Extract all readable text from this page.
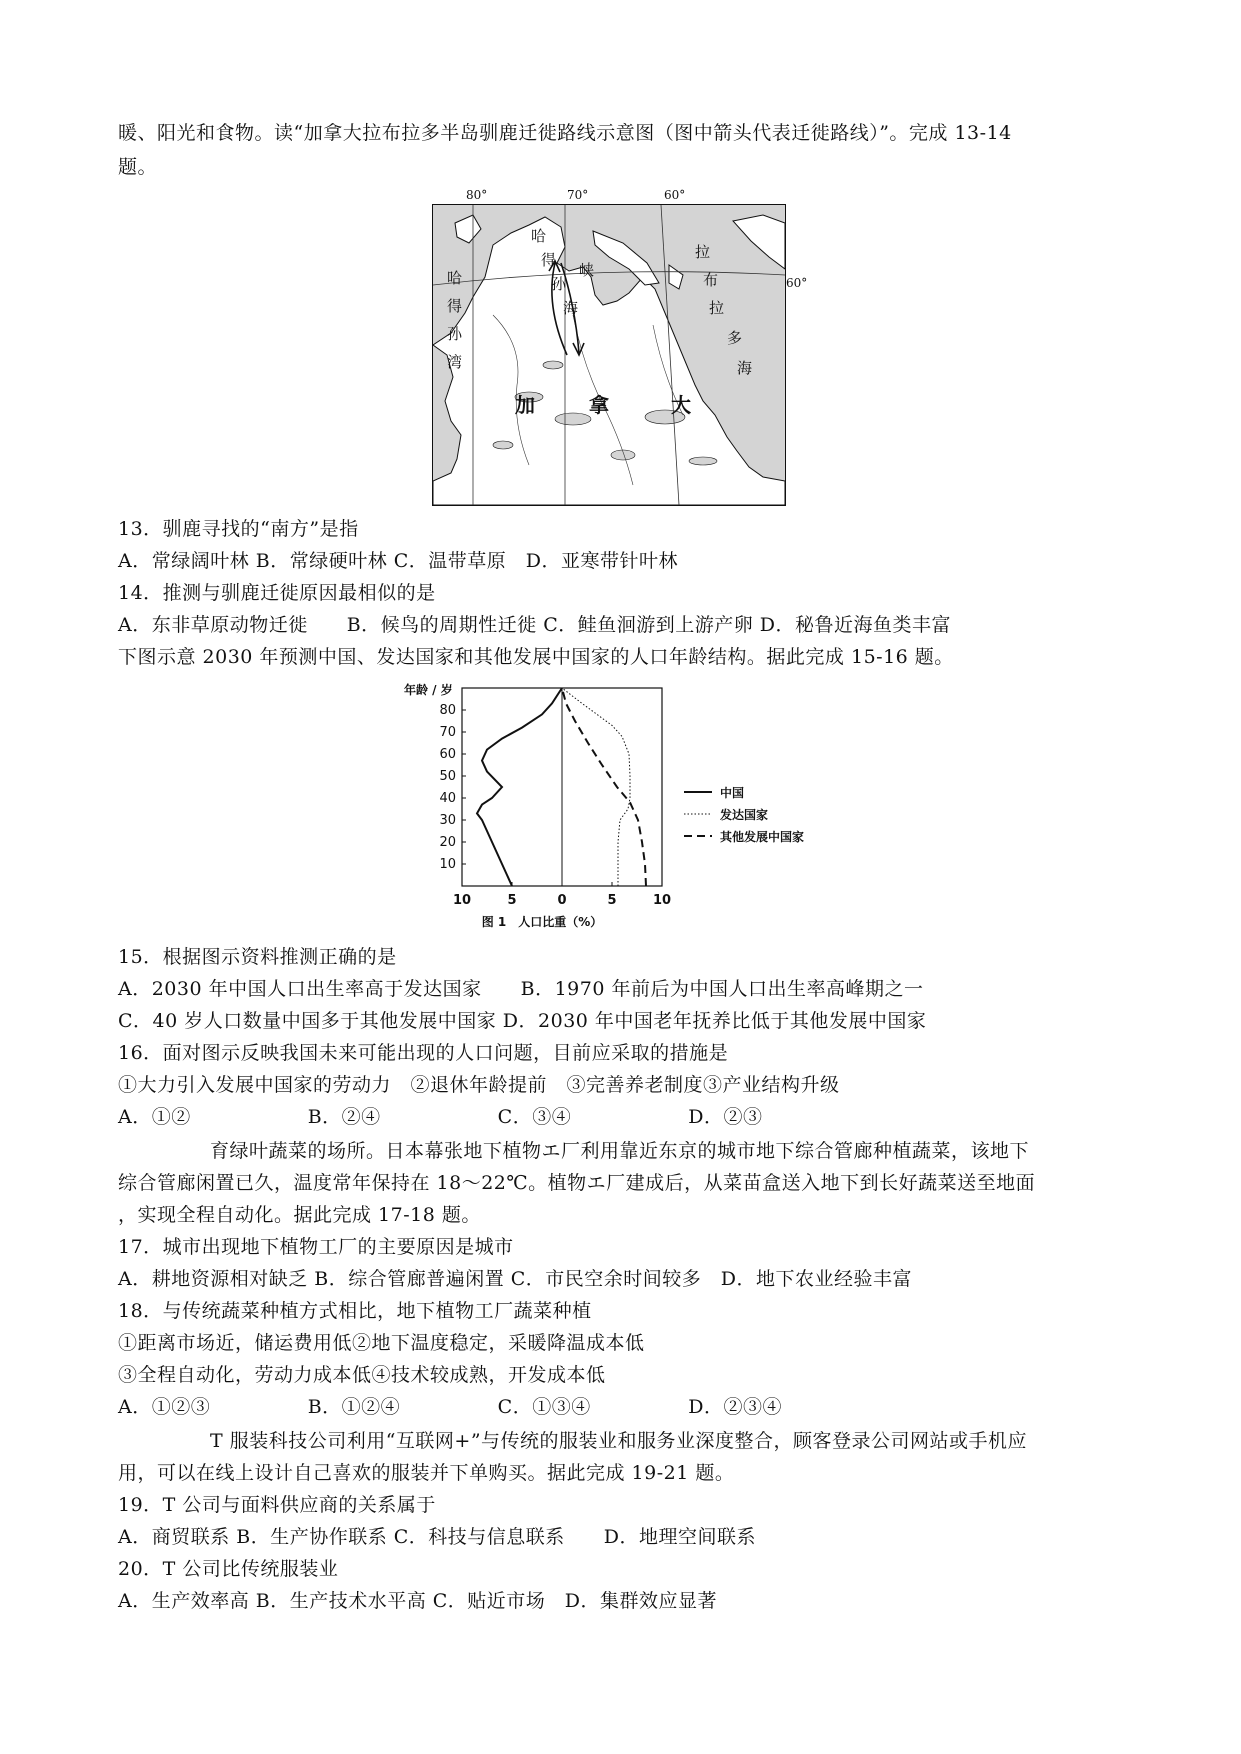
暖、阳光和食物。读“加拿大拉布拉多半岛驯鹿迁徙路线示意图（图中箭头代表迁徙路线）”。完成 13-14
题。
80°	70°	60°
60°
哈
得
孙
海
峡
哈
得
孙
湾
拉
布
拉
多
海
加	拿	大
13．驯鹿寻找的“南方”是指
A．常绿阔叶林 B．常绿硬叶林 C．温带草原　D．亚寒带针叶林
14．推测与驯鹿迁徙原因最相似的是
A．东非草原动物迁徙　　B．候鸟的周期性迁徙 C．鲑鱼洄游到上游产卵 D．秘鲁近海鱼类丰富
下图示意 2030 年预测中国、发达国家和其他发展中国家的人口年龄结构。据此完成 15-16 题。
80
70
60
50
40
30
20
10
10	5	0	5	10
年龄 / 岁
图 1　人口比重（%）
中国
发达国家
其他发展中国家
15．根据图示资料推测正确的是
A．2030 年中国人口出生率高于发达国家　　B．1970 年前后为中国人口出生率高峰期之一
C．40 岁人口数量中国多于其他发展中国家 D．2030 年中国老年抚养比低于其他发展中国家
16．面对图示反映我国未来可能出现的人口问题，目前应采取的措施是
①大力引入发展中国家的劳动力　②退休年龄提前　③完善养老制度③产业结构升级
A．①②　　　　　　B．②④　　　　　　C．③④　　　　　　D．②③
育绿叶蔬菜的场所。日本幕张地下植物エ厂利用靠近东京的城市地下综合管廊种植蔬菜，该地下
综合管廊闲置已久，温度常年保持在 18～22℃。植物エ厂建成后，从菜苗盒送入地下到长好蔬菜送至地面
，实现全程自动化。据此完成 17-18 题。
17．城市出现地下植物工厂的主要原因是城市
A．耕地资源相对缺乏 B．综合管廊普遍闲置 C．市民空余时间较多　D．地下农业经验丰富
18．与传统蔬菜种植方式相比，地下植物工厂蔬菜种植
①距离市场近，储运费用低②地下温度稳定，采暖降温成本低
③全程自动化，劳动力成本低④技术较成熟，开发成本低
A．①②③　　　　　B．①②④　　　　　C．①③④　　　　　D．②③④
T 服装科技公司利用“互联网+”与传统的服装业和服务业深度整合，顾客登录公司网站或手机应
用，可以在线上设计自己喜欢的服装并下单购买。据此完成 19-21 题。
19．T 公司与面料供应商的关系属于
A．商贸联系 B．生产协作联系 C．科技与信息联系　　D．地理空间联系
20．T 公司比传统服装业
A．生产效率高 B．生产技术水平高 C．贴近市场　D．集群效应显著
